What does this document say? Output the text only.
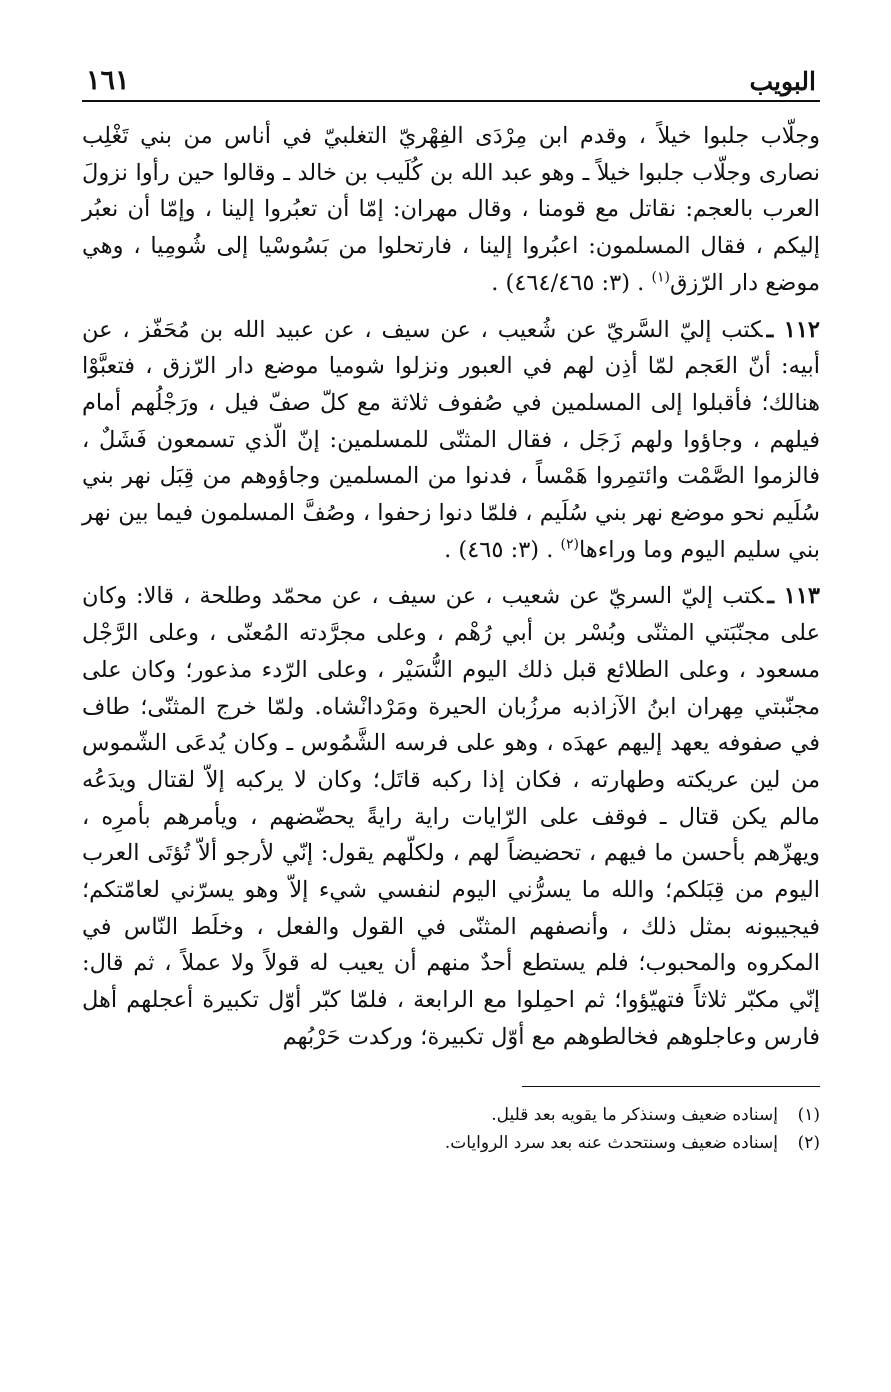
البويب
١٦١

وجلّاب جلبوا خيلاً ، وقدم ابن مِرْدَى الفِهْريّ التغلبيّ في أناس من بني تَغْلِب نصارى وجلّاب جلبوا خيلاً ـ وهو عبد الله بن كُلَيب بن خالد ـ وقالوا حين رأوا نزولَ العرب بالعجم: نقاتل مع قومنا ، وقال مهران: إمّا أن تعبُروا إلينا ، وإمّا أن نعبُر إليكم ، فقال المسلمون: اعبُروا إلينا ، فارتحلوا من بَسُوسْيا إلى شُومِيا ، وهي موضع دار الرّزق$^{(١)}$ . (٣: ٤٦٤/٤٦٥) .

١١٢ ـكتب إليّ السَّريّ عن شُعيب ، عن سيف ، عن عبيد الله بن مُحَفّز ، عن أبيه: أنّ العَجم لمّا أذِن لهم في العبور ونزلوا شوميا موضع دار الرّزق ، فتعبَّوْا هنالك؛ فأقبلوا إلى المسلمين في صُفوف ثلاثة مع كلّ صفّ فيل ، ورَجْلُهم أمام فيلهم ، وجاؤوا ولهم زَجَل ، فقال المثنّى للمسلمين: إنّ الّذي تسمعون فَشَلٌ ، فالزموا الصَّمْت وائتمِروا هَمْساً ، فدنوا من المسلمين وجاؤوهم من قِبَل نهر بني سُلَيم نحو موضع نهر بني سُلَيم ، فلمّا دنوا زحفوا ، وصُفَّ المسلمون فيما بين نهر بني سليم اليوم وما وراءها$^{(٢)}$ . (٣: ٤٦٥) .

١١٣ ـكتب إليّ السريّ عن شعيب ، عن سيف ، عن محمّد وطلحة ، قالا: وكان على مجنّبَتي المثنّى وبُسْر بن أبي رُهْم ، وعلى مجرَّدته المُعنّى ، وعلى الرَّجْل مسعود ، وعلى الطلائع قبل ذلك اليوم النُّسَيْر ، وعلى الرّدء مذعور؛ وكان على مجنّبتي مِهران ابنُ الآزاذبه مرزُبان الحيرة ومَرْدانْشاه. ولمّا خرج المثنّى؛ طاف في صفوفه يعهد إليهم عهدَه ، وهو على فرسه الشَّمُوس ـ وكان يُدعَى الشّموس من لين عريكته وطهارته ، فكان إذا ركبه قاتَل؛ وكان لا يركبه إلاّ لقتال ويدَعُه مالم يكن قتال ـ فوقف على الرّايات راية رايةً يحضّضهم ، ويأمرهم بأمرِه ، ويهزّهم بأحسن ما فيهم ، تحضيضاً لهم ، ولكلّهم يقول: إنّي لأرجو ألاّ تُؤتَى العرب اليوم من قِبَلكم؛ والله ما يسرُّني اليوم لنفسي شيء إلاّ وهو يسرّني لعامّتكم؛ فيجيبونه بمثل ذلك ، وأنصفهم المثنّى في القول والفعل ، وخلَط النّاس في المكروه والمحبوب؛ فلم يستطع أحدٌ منهم أن يعيب له قولاً ولا عملاً ، ثم قال: إنّي مكبّر ثلاثاً فتهيّؤوا؛ ثم احمِلوا مع الرابعة ، فلمّا كبّر أوّل تكبيرة أعجلهم أهل فارس وعاجلوهم فخالطوهم مع أوّل تكبيرة؛ وركدت حَرْبُهم

(١)
إسناده ضعيف وسنذكر ما يقويه بعد قليل.

(٢)
إسناده ضعيف وسنتحدث عنه بعد سرد الروايات.
